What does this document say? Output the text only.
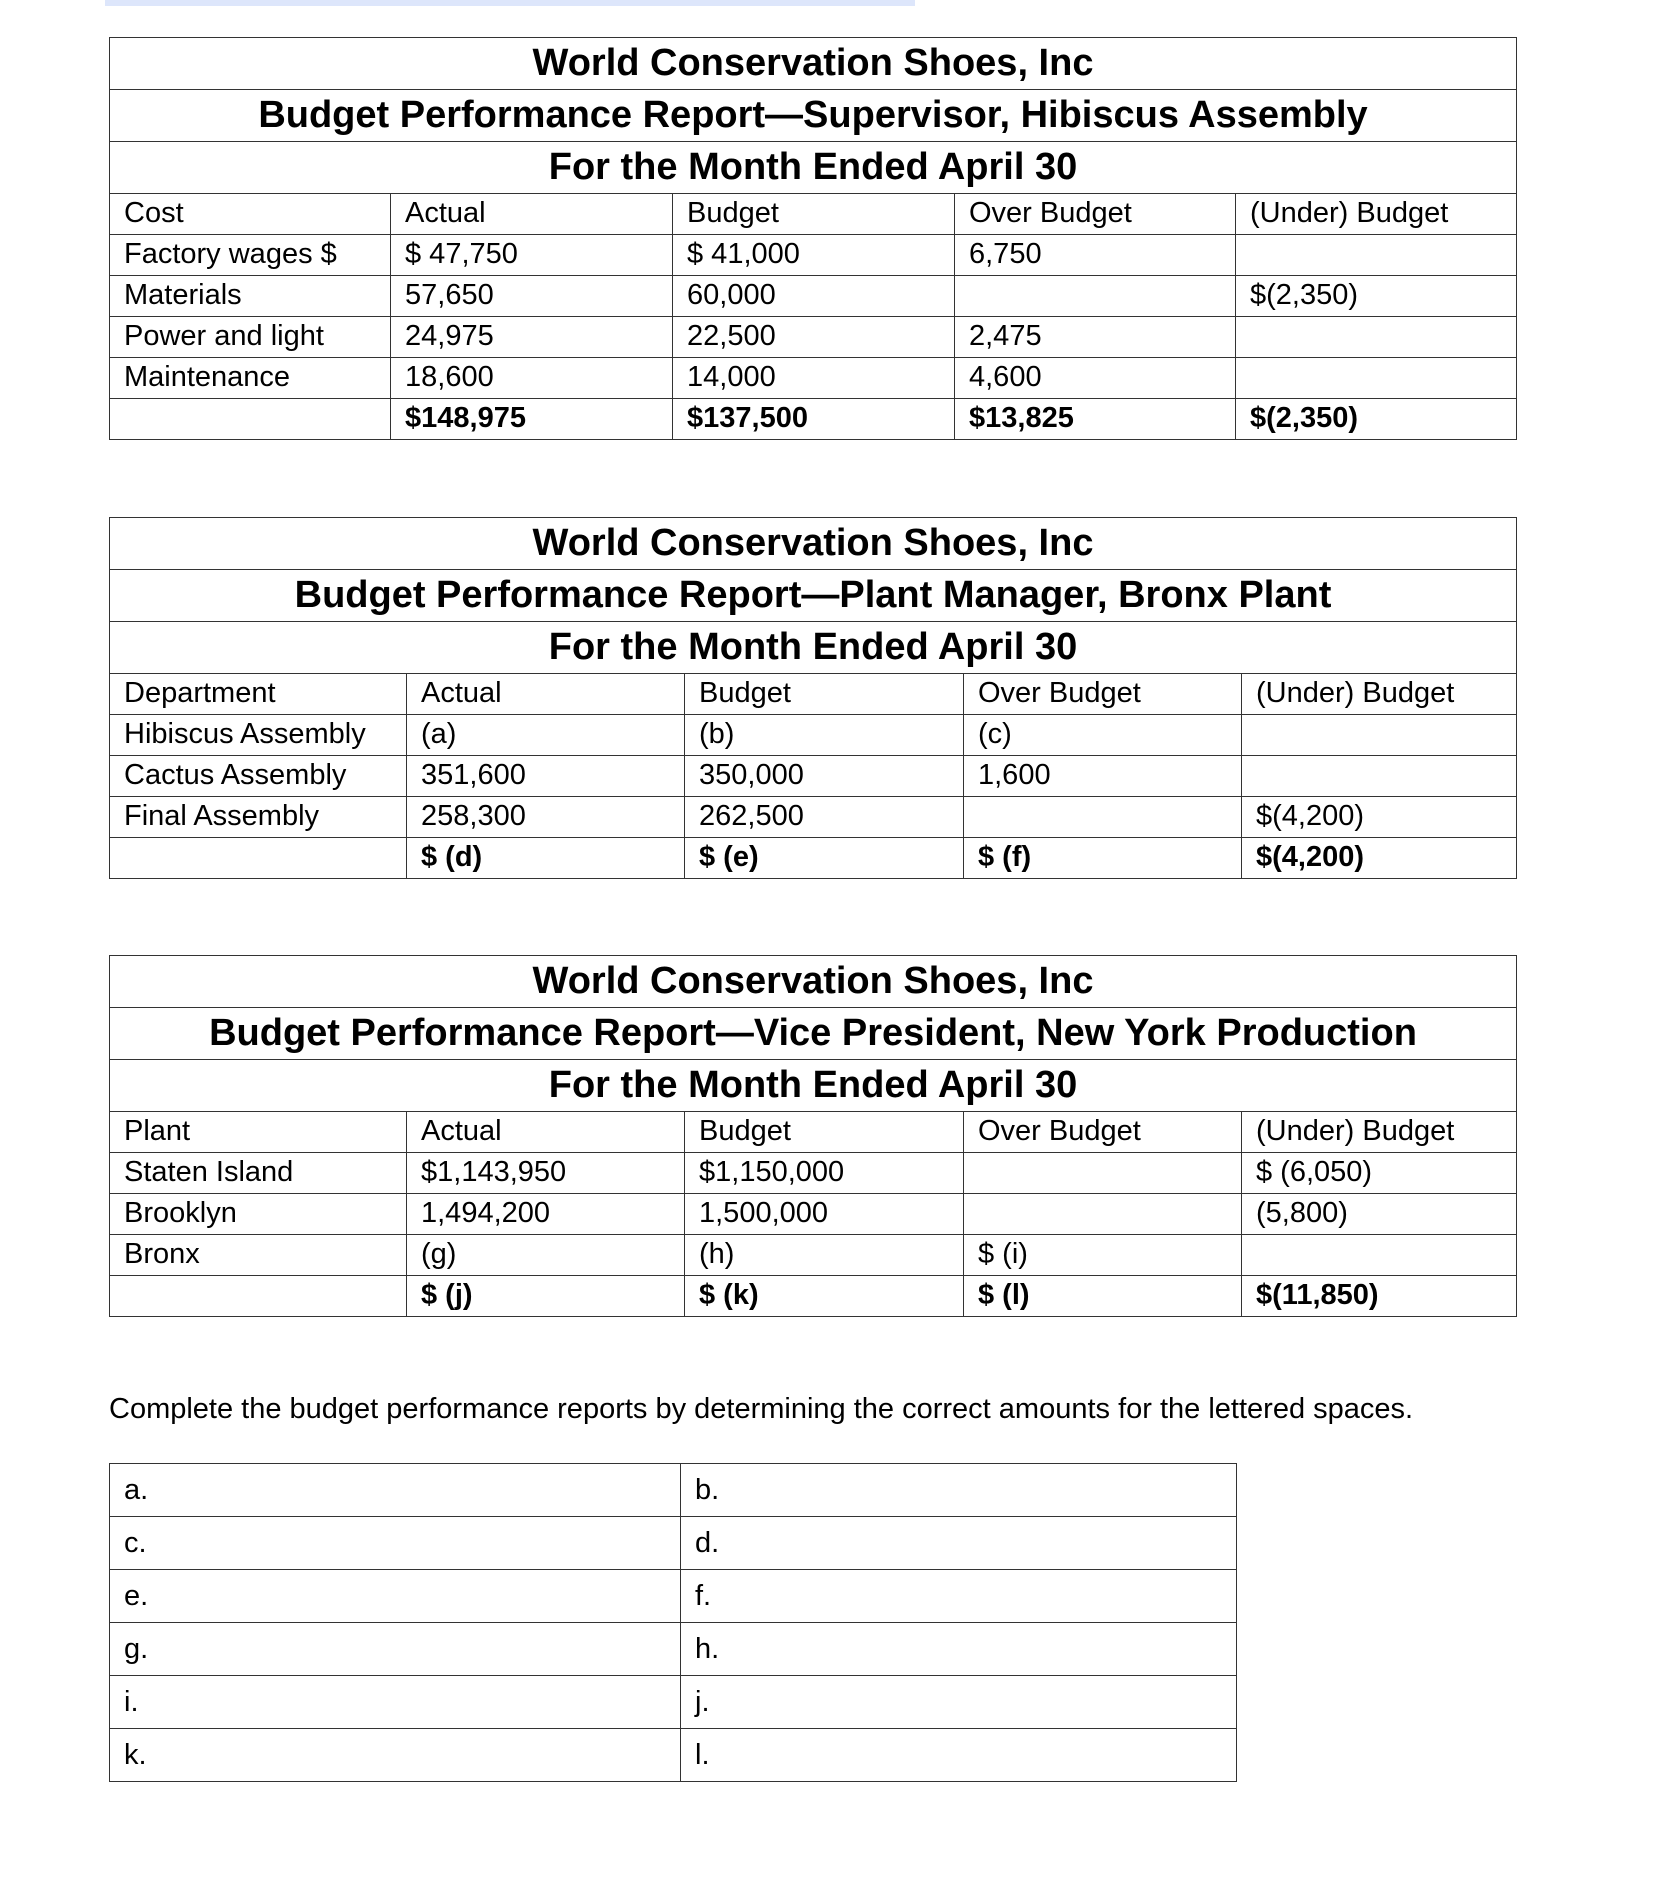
World Conservation Shoes, Inc				
Budget Performance Report—Supervisor, Hibiscus Assembly				
For the Month Ended April 30				
Cost	Actual	Budget	Over Budget	(Under) Budget
Factory wages $	$ 47,750	$ 41,000	6,750	
Materials	57,650	60,000		$(2,350)
Power and light	24,975	22,500	2,475	
Maintenance	18,600	14,000	4,600	
	$148,975	$137,500	$13,825	$(2,350)
World Conservation Shoes, Inc				
Budget Performance Report—Plant Manager, Bronx Plant				
For the Month Ended April 30				
Department	Actual	Budget	Over Budget	(Under) Budget
Hibiscus Assembly	(a)	(b)	(c)	
Cactus Assembly	351,600	350,000	1,600	
Final Assembly	258,300	262,500		$(4,200)
	$ (d)	$ (e)	$ (f)	$(4,200)
World Conservation Shoes, Inc				
Budget Performance Report—Vice President, New York Production				
For the Month Ended April 30				
Plant	Actual	Budget	Over Budget	(Under) Budget
Staten Island	$1,143,950	$1,150,000		$ (6,050)
Brooklyn	1,494,200	1,500,000		(5,800)
Bronx	(g)	(h)	$ (i)	
	$ (j)	$ (k)	$ (l)	$(11,850)
Complete the budget performance reports by determining the correct amounts for the lettered spaces.
a.	b.
c.	d.
e.	f.
g.	h.
i.	j.
k.	l.
